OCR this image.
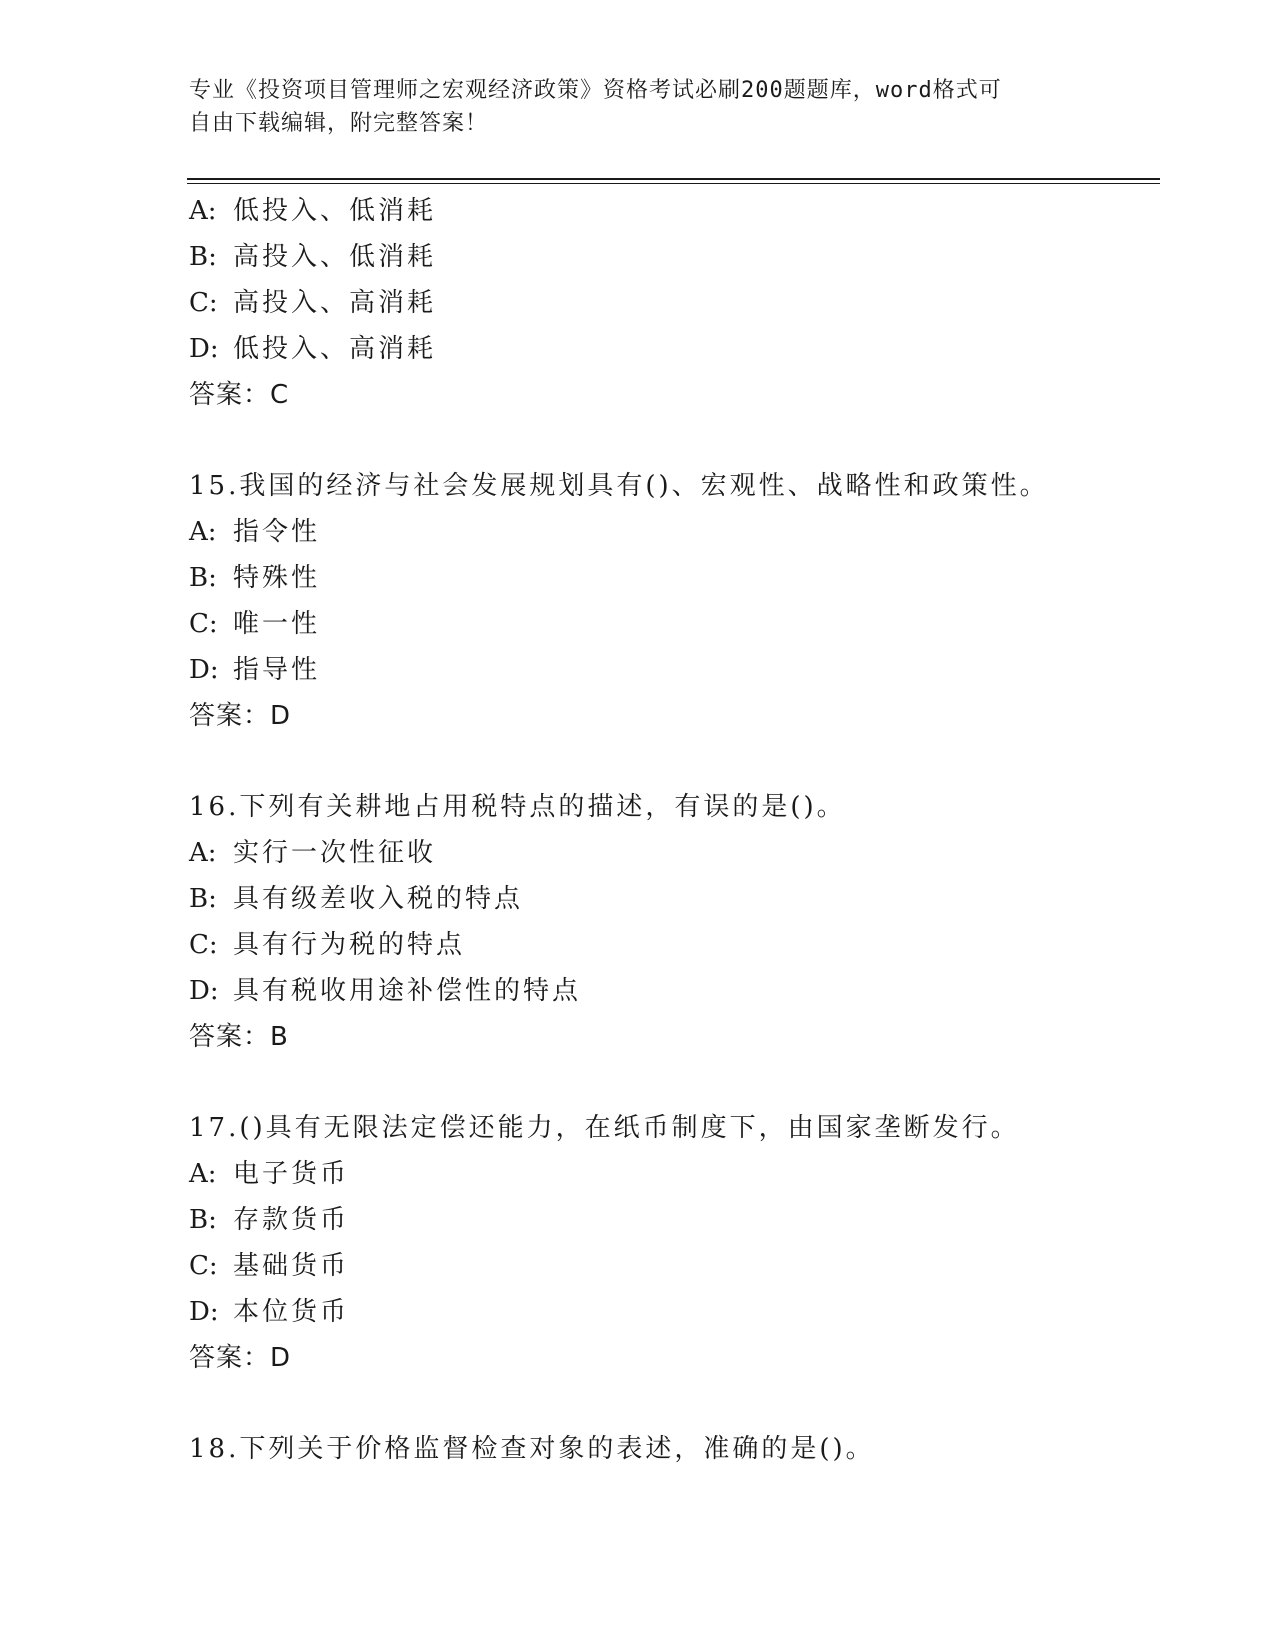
专业《投资项目管理师之宏观经济政策》资格考试必刷200题题库，word格式可
自由下载编辑，附完整答案！
A: 低投入、低消耗
B: 高投入、低消耗
C: 高投入、高消耗
D: 低投入、高消耗
答案：C
15.我国的经济与社会发展规划具有()、宏观性、战略性和政策性。
A: 指令性
B: 特殊性
C: 唯一性
D: 指导性
答案：D
16.下列有关耕地占用税特点的描述，有误的是()。
A: 实行一次性征收
B: 具有级差收入税的特点
C: 具有行为税的特点
D: 具有税收用途补偿性的特点
答案：B
17.()具有无限法定偿还能力，在纸币制度下，由国家垄断发行。
A: 电子货币
B: 存款货币
C: 基础货币
D: 本位货币
答案：D
18.下列关于价格监督检查对象的表述，准确的是()。
